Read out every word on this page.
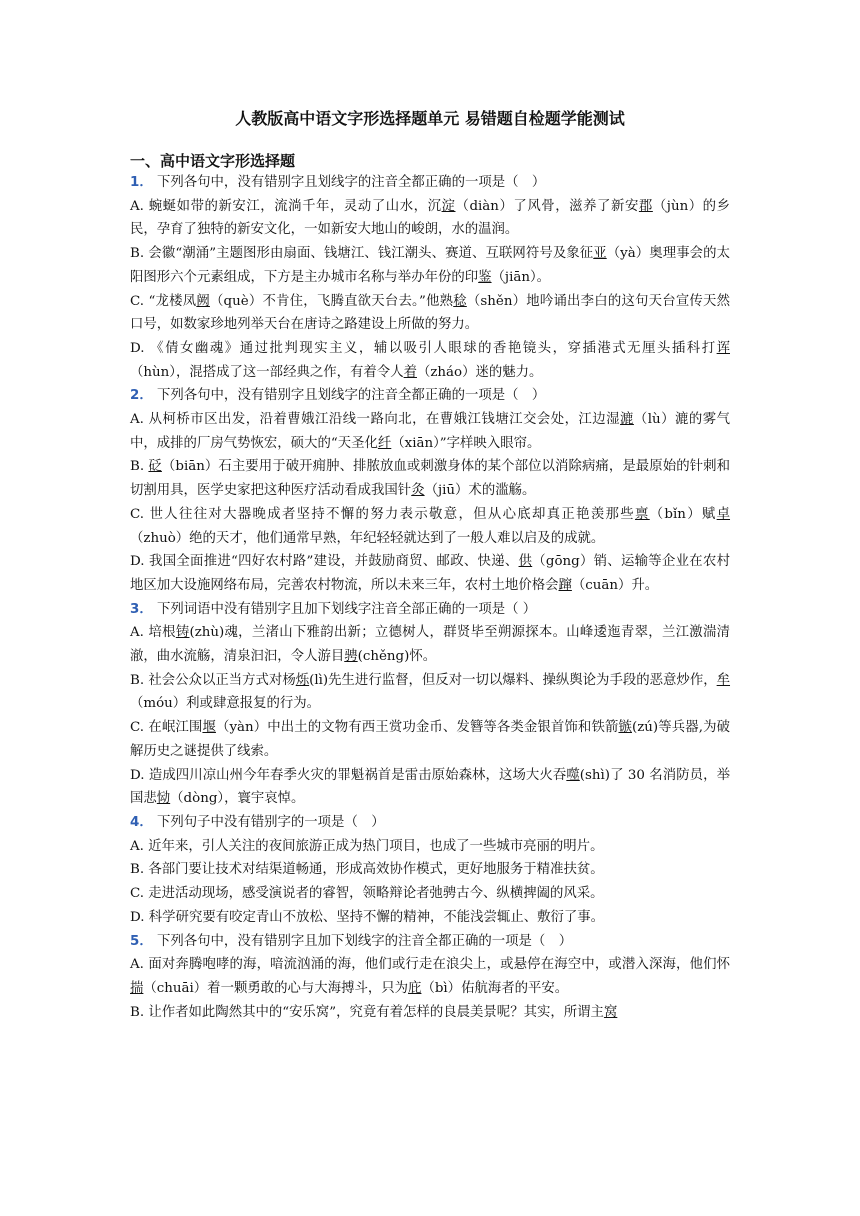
人教版高中语文字形选择题单元 易错题自检题学能测试
一、高中语文字形选择题

1． 下列各句中，没有错别字且划线字的注音全都正确的一项是（　）

A. 蜿蜒如带的新安江，流淌千年，灵动了山水，沉淀（diàn）了风骨，滋养了新安郡（jùn）的乡民，孕育了独特的新安文化，一如新安大地山的峻朗，水的温润。

B. 会徽“潮涌”主题图形由扇面、钱塘江、钱江潮头、赛道、互联网符号及象征亚（yà）奥理事会的太阳图形六个元素组成，下方是主办城市名称与举办年份的印鉴（jiān）。

C. “龙楼凤阙（què）不肯住，飞腾直欲天台去。”他熟稔（shěn）地吟诵出李白的这句天台宣传天然口号，如数家珍地列举天台在唐诗之路建设上所做的努力。

D. 《倩女幽魂》通过批判现实主义，辅以吸引人眼球的香艳镜头，穿插港式无厘头插科打诨（hùn），混搭成了这一部经典之作，有着令人着（zháo）迷的魅力。

2． 下列各句中，没有错别字且划线字的注音全都正确的一项是（　）

A. 从柯桥市区出发，沿着曹娥江沿线一路向北，在曹娥江钱塘江交会处，江边湿漉（lù）漉的雾气中，成排的厂房气势恢宏，硕大的“天圣化纤（xiān）”字样映入眼帘。

B. 砭（biān）石主要用于破开痈肿、排脓放血或刺激身体的某个部位以消除病痛，是最原始的针刺和切割用具，医学史家把这种医疗活动看成我国针灸（jiū）术的滥觞。

C. 世人往往对大器晚成者坚持不懈的努力表示敬意，但从心底却真正艳羡那些禀（bǐn）赋卓（zhuò）绝的天才，他们通常早熟，年纪轻轻就达到了一般人难以启及的成就。

D. 我国全面推进“四好农村路”建设，并鼓励商贸、邮政、快递、供（gōng）销、运输等企业在农村地区加大设施网络布局，完善农村物流，所以未来三年，农村土地价格会蹿（cuān）升。

3． 下列词语中没有错别字且加下划线字注音全部正确的一项是（ ）

A. 培根铸(zhù)魂，兰渚山下雅韵出新；立德树人，群贤毕至朔源探本。山峰逶迤青翠，兰江激湍清澈，曲水流觞，清泉汩汩，令人游目骋(chěng)怀。

B. 社会公众以正当方式对杨烁(lì)先生进行监督，但反对一切以爆料、操纵舆论为手段的恶意炒作，牟（móu）利或肆意报复的行为。

C. 在岷江围堰（yàn）中出土的文物有西王赏功金币、发簪等各类金银首饰和铁箭镞(zú)等兵器,为破解历史之谜提供了线索。

D. 造成四川凉山州今年春季火灾的罪魁祸首是雷击原始森林，这场大火吞噬(shì)了 30 名消防员，举国悲恸（dòng），寰宇哀悼。

4． 下列句子中没有错别字的一项是（　）

A. 近年来，引人关注的夜间旅游正成为热门项目，也成了一些城市亮丽的明片。

B. 各部门要让技术对结渠道畅通，形成高效协作模式，更好地服务于精准扶贫。

C. 走进活动现场，感受演说者的睿智，领略辩论者弛骋古今、纵横捭阖的风采。

D. 科学研究要有咬定青山不放松、坚持不懈的精神，不能浅尝辄止、敷衍了事。

5． 下列各句中，没有错别字且加下划线字的注音全都正确的一项是（　）

A. 面对奔腾咆哮的海，喑流汹涌的海，他们或行走在浪尖上，或悬停在海空中，或潜入深海，他们怀揣（chuāi）着一颗勇敢的心与大海搏斗，只为庇（bì）佑航海者的平安。

B. 让作者如此陶然其中的“安乐窝”，究竟有着怎样的良晨美景呢？其实，所谓主窝
